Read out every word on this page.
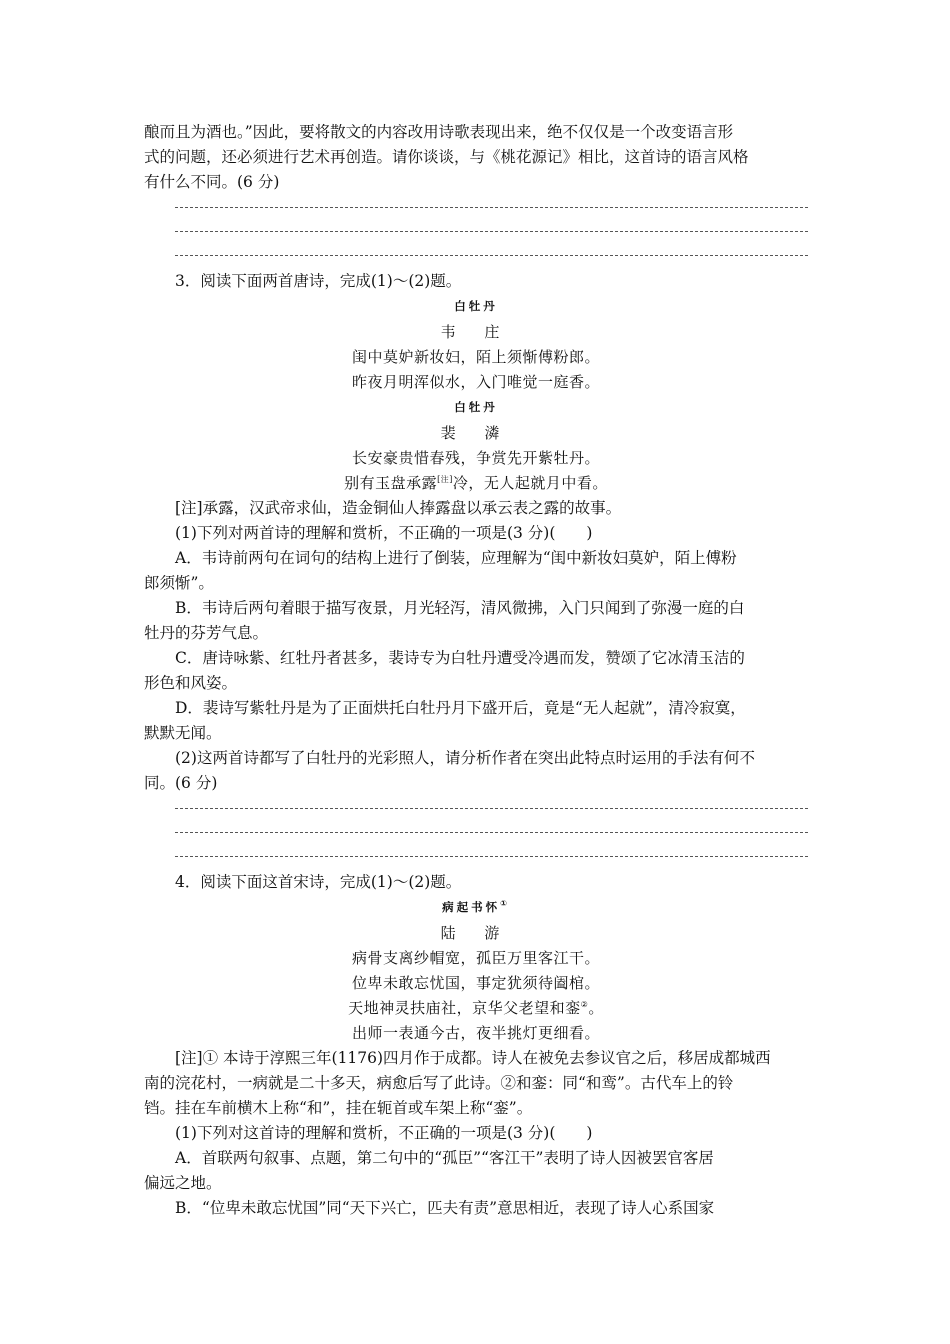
酿而且为酒也。”因此，要将散文的内容改用诗歌表现出来，绝不仅仅是一个改变语言形

式的问题，还必须进行艺术再创造。请你谈谈，与《桃花源记》相比，这首诗的语言风格

有什么不同。(6 分)

3．阅读下面两首唐诗，完成(1)～(2)题。

白牡丹
韦 庄
闺中莫妒新妆妇，陌上须惭傅粉郎。
昨夜月明浑似水，入门唯觉一庭香。
白牡丹
裴 潾
长安豪贵惜春残，争赏先开紫牡丹。
别有玉盘承露[注]冷，无人起就月中看。

[注]承露，汉武帝求仙，造金铜仙人捧露盘以承云表之露的故事。

(1)下列对两首诗的理解和赏析，不正确的一项是(3 分)(　　)

A．韦诗前两句在词句的结构上进行了倒装，应理解为“闺中新妆妇莫妒，陌上傅粉

郎须惭”。

B．韦诗后两句着眼于描写夜景，月光轻泻，清风微拂，入门只闻到了弥漫一庭的白

牡丹的芬芳气息。

C．唐诗咏紫、红牡丹者甚多，裴诗专为白牡丹遭受冷遇而发，赞颂了它冰清玉洁的

形色和风姿。

D．裴诗写紫牡丹是为了正面烘托白牡丹月下盛开后，竟是“无人起就”，清冷寂寞，

默默无闻。

(2)这两首诗都写了白牡丹的光彩照人，请分析作者在突出此特点时运用的手法有何不

同。(6 分)

4．阅读下面这首宋诗，完成(1)～(2)题。

病起书怀①
陆 游
病骨支离纱帽宽，孤臣万里客江干。
位卑未敢忘忧国，事定犹须待阖棺。
天地神灵扶庙社，京华父老望和銮②。
出师一表通今古，夜半挑灯更细看。

[注]① 本诗于淳熙三年(1176)四月作于成都。诗人在被免去参议官之后，移居成都城西

南的浣花村，一病就是二十多天，病愈后写了此诗。②和銮：同“和鸾”。古代车上的铃

铛。挂在车前横木上称“和”，挂在轭首或车架上称“銮”。

(1)下列对这首诗的理解和赏析，不正确的一项是(3 分)(　　)

A．首联两句叙事、点题，第二句中的“孤臣”“客江干”表明了诗人因被罢官客居

偏远之地。

B．“位卑未敢忘忧国”同“天下兴亡，匹夫有责”意思相近，表现了诗人心系国家
